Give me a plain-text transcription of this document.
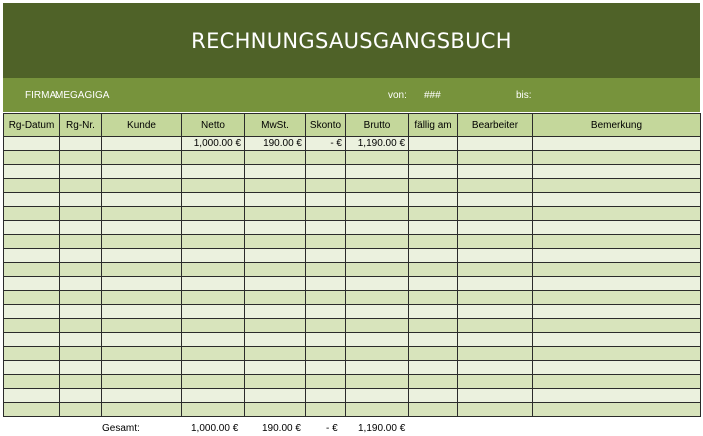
RECHNUNGSAUSGANGSBUCH
FIRMA:
MEGAGIGA	von: ###	bis:
Rg-Datum	Rg-Nr.	Kunde	Netto	MwSt.	Skonto	Brutto	fällig am	Bearbeiter	Bemerkung
			1,000.00 €	190.00 €	- €	1,190.00 €			

Gesamt:	1,000.00 € 190.00 €	- € 1,190.00 €
